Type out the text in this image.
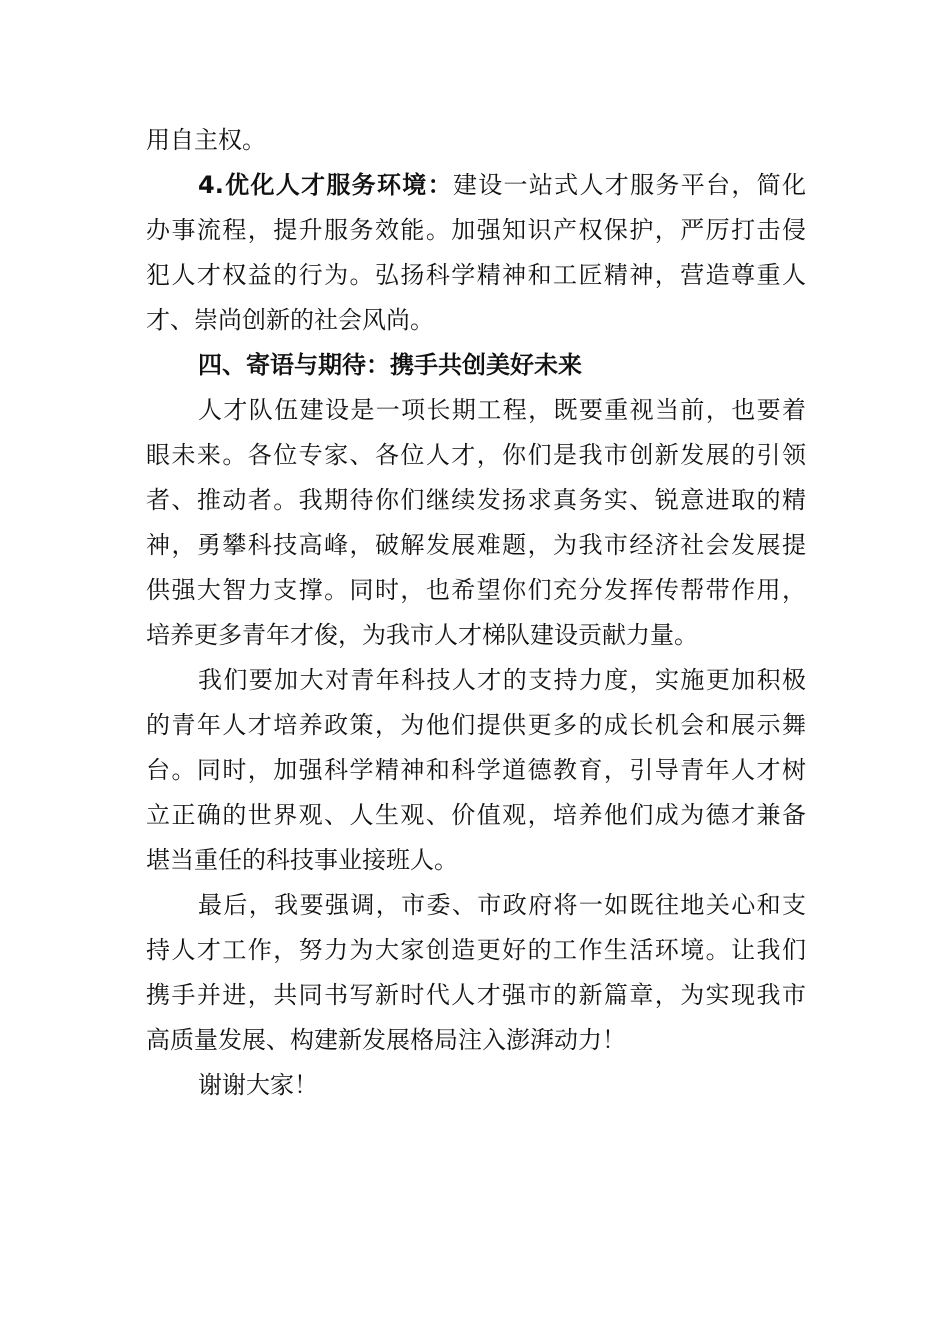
用自主权。
4.优化人才服务环境：建设一站式人才服务平台，简化
办事流程，提升服务效能。加强知识产权保护，严厉打击侵
犯人才权益的行为。弘扬科学精神和工匠精神，营造尊重人
才、崇尚创新的社会风尚。
四、寄语与期待：携手共创美好未来
人才队伍建设是一项长期工程，既要重视当前，也要着
眼未来。各位专家、各位人才，你们是我市创新发展的引领
者、推动者。我期待你们继续发扬求真务实、锐意进取的精
神，勇攀科技高峰，破解发展难题，为我市经济社会发展提
供强大智力支撑。同时，也希望你们充分发挥传帮带作用，
培养更多青年才俊，为我市人才梯队建设贡献力量。
我们要加大对青年科技人才的支持力度，实施更加积极
的青年人才培养政策，为他们提供更多的成长机会和展示舞
台。同时，加强科学精神和科学道德教育，引导青年人才树
立正确的世界观、人生观、价值观，培养他们成为德才兼备
堪当重任的科技事业接班人。
最后，我要强调，市委、市政府将一如既往地关心和支
持人才工作，努力为大家创造更好的工作生活环境。让我们
携手并进，共同书写新时代人才强市的新篇章，为实现我市
高质量发展、构建新发展格局注入澎湃动力！
谢谢大家！
